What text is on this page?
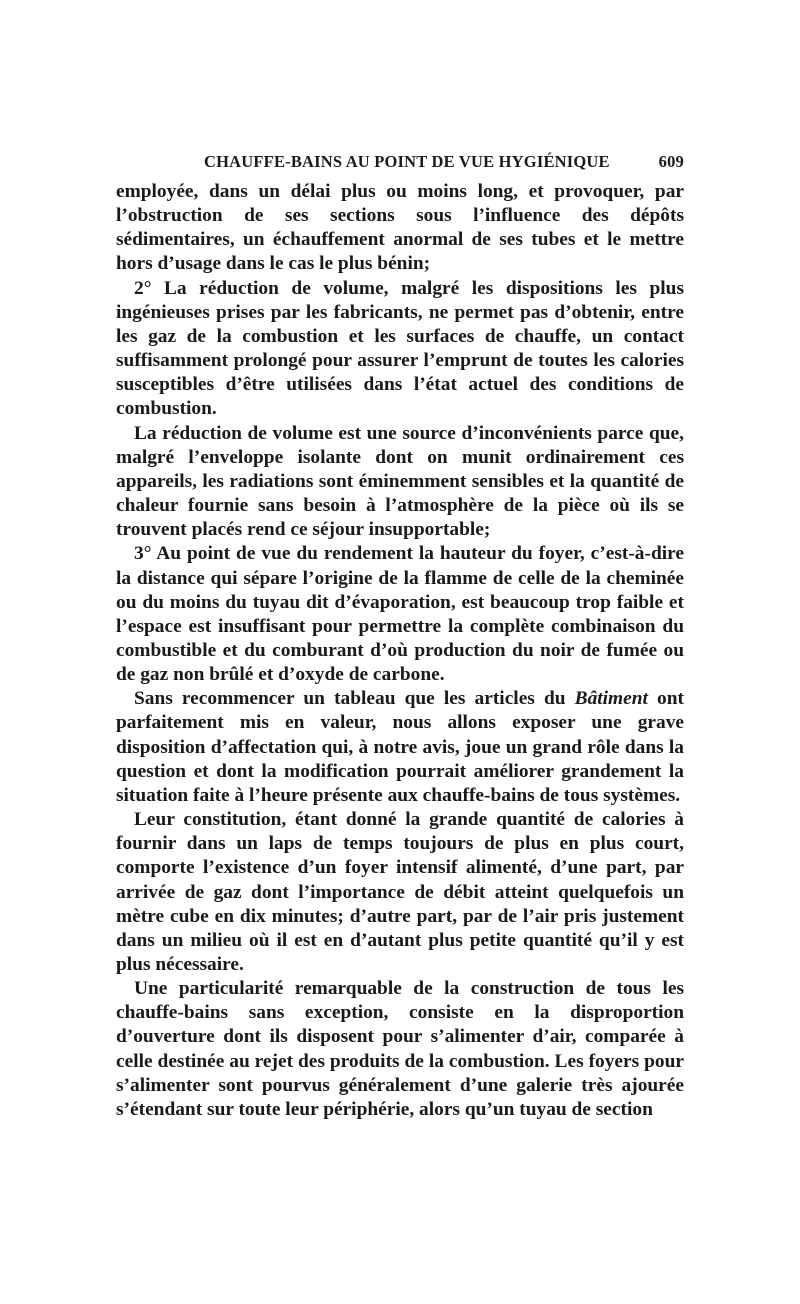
CHAUFFE-BAINS AU POINT DE VUE HYGIÉNIQUE	609

employée, dans un délai plus ou moins long, et provoquer, par l’obstruction de ses sections sous l’influence des dépôts sédimentaires, un échauffement anormal de ses tubes et le mettre hors d’usage dans le cas le plus bénin;

2° La réduction de volume, malgré les dispositions les plus ingénieuses prises par les fabricants, ne permet pas d’obtenir, entre les gaz de la combustion et les surfaces de chauffe, un contact suffisamment prolongé pour assurer l’emprunt de toutes les calories susceptibles d’être utilisées dans l’état actuel des conditions de combustion.

La réduction de volume est une source d’inconvénients parce que, malgré l’enveloppe isolante dont on munit ordinairement ces appareils, les radiations sont éminemment sensibles et la quantité de chaleur fournie sans besoin à l’atmosphère de la pièce où ils se trouvent placés rend ce séjour insupportable;

3° Au point de vue du rendement la hauteur du foyer, c’est-à-dire la distance qui sépare l’origine de la flamme de celle de la cheminée ou du moins du tuyau dit d’évaporation, est beaucoup trop faible et l’espace est insuffisant pour permettre la complète combinaison du combustible et du comburant d’où production du noir de fumée ou de gaz non brûlé et d’oxyde de carbone.

Sans recommencer un tableau que les articles du Bâtiment ont parfaitement mis en valeur, nous allons exposer une grave disposition d’affectation qui, à notre avis, joue un grand rôle dans la question et dont la modification pourrait améliorer grandement la situation faite à l’heure présente aux chauffe-bains de tous systèmes.

Leur constitution, étant donné la grande quantité de calories à fournir dans un laps de temps toujours de plus en plus court, comporte l’existence d’un foyer intensif alimenté, d’une part, par arrivée de gaz dont l’importance de débit atteint quelquefois un mètre cube en dix minutes; d’autre part, par de l’air pris justement dans un milieu où il est en d’autant plus petite quantité qu’il y est plus nécessaire.

Une particularité remarquable de la construction de tous les chauffe-bains sans exception, consiste en la disproportion d’ouverture dont ils disposent pour s’alimenter d’air, comparée à celle destinée au rejet des produits de la combustion. Les foyers pour s’alimenter sont pourvus généralement d’une galerie très ajourée s’étendant sur toute leur périphérie, alors qu’un tuyau de section
